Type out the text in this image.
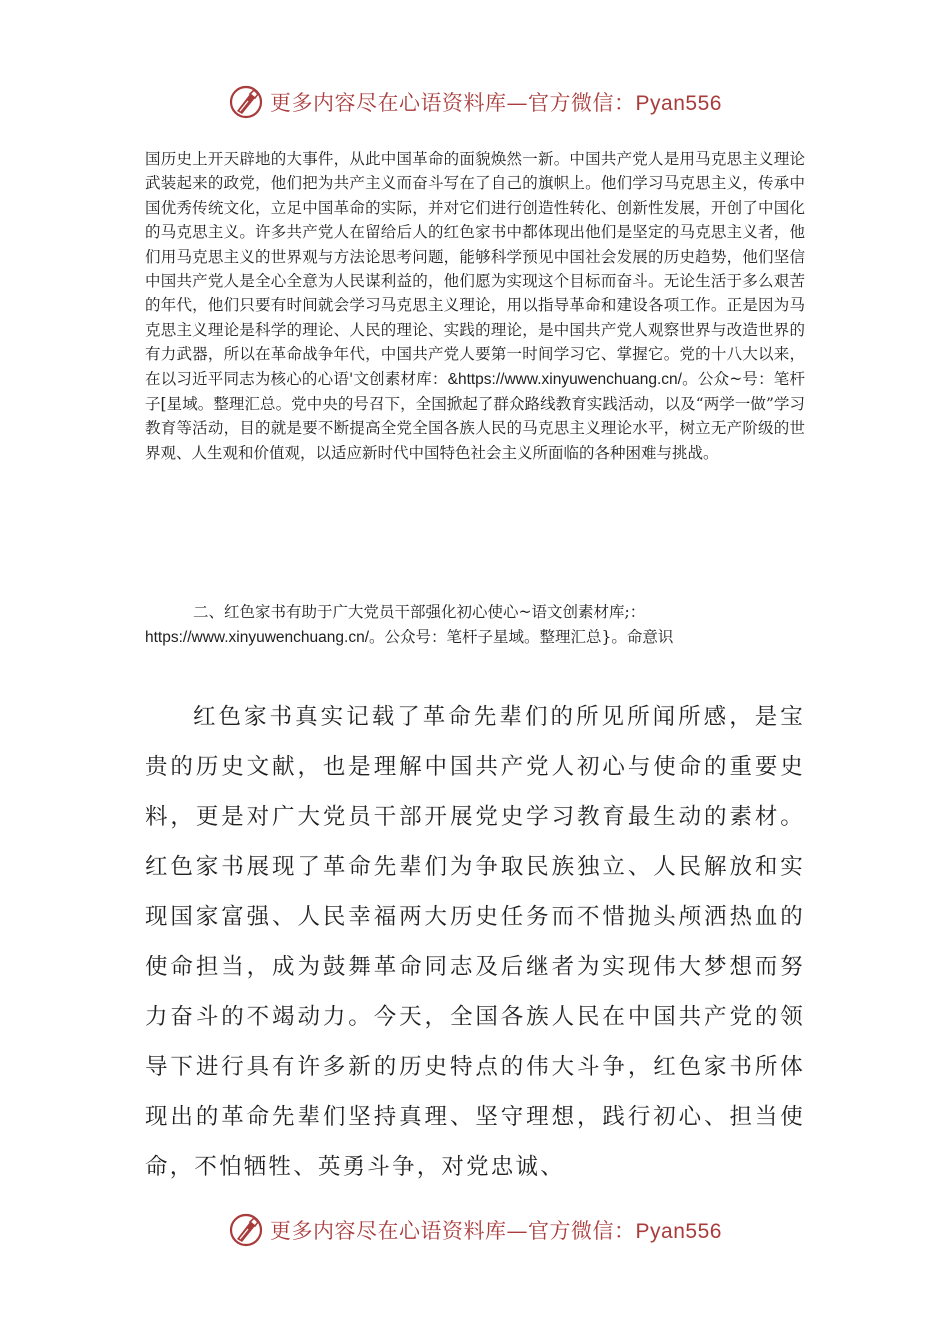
更多内容尽在心语资料库—官方微信：Pyan556

国历史上开天辟地的大事件，从此中国革命的面貌焕然一新。中国共产党人是用马克思主义理论武装起来的政党，他们把为共产主义而奋斗写在了自己的旗帜上。他们学习马克思主义，传承中国优秀传统文化，立足中国革命的实际，并对它们进行创造性转化、创新性发展，开创了中国化的马克思主义。许多共产党人在留给后人的红色家书中都体现出他们是坚定的马克思主义者，他们用马克思主义的世界观与方法论思考问题，能够科学预见中国社会发展的历史趋势，他们坚信中国共产党人是全心全意为人民谋利益的，他们愿为实现这个目标而奋斗。无论生活于多么艰苦的年代，他们只要有时间就会学习马克思主义理论，用以指导革命和建设各项工作。正是因为马克思主义理论是科学的理论、人民的理论、实践的理论，是中国共产党人观察世界与改造世界的有力武器，所以在革命战争年代，中国共产党人要第一时间学习它、掌握它。党的十八大以来，在以习近平同志为核心的心语'文创素材库：&https://www.xinyuwenchuang.cn/。公众~号：笔杆子[星域。整理汇总。党中央的号召下，全国掀起了群众路线教育实践活动，以及“两学一做”学习教育等活动，目的就是要不断提高全党全国各族人民的马克思主义理论水平，树立无产阶级的世界观、人生观和价值观，以适应新时代中国特色社会主义所面临的各种困难与挑战。

二、红色家书有助于广大党员干部强化初心使心~语文创素材库;：https://www.xinyuwenchuang.cn/。公众号：笔杆子星域。整理汇总}。命意识

红色家书真实记载了革命先辈们的所见所闻所感，是宝贵的历史文献，也是理解中国共产党人初心与使命的重要史料，更是对广大党员干部开展党史学习教育最生动的素材。红色家书展现了革命先辈们为争取民族独立、人民解放和实现国家富强、人民幸福两大历史任务而不惜抛头颅洒热血的使命担当，成为鼓舞革命同志及后继者为实现伟大梦想而努力奋斗的不竭动力。今天，全国各族人民在中国共产党的领导下进行具有许多新的历史特点的伟大斗争，红色家书所体现出的革命先辈们坚持真理、坚守理想，践行初心、担当使命，不怕牺牲、英勇斗争，对党忠诚、

更多内容尽在心语资料库—官方微信：Pyan556
